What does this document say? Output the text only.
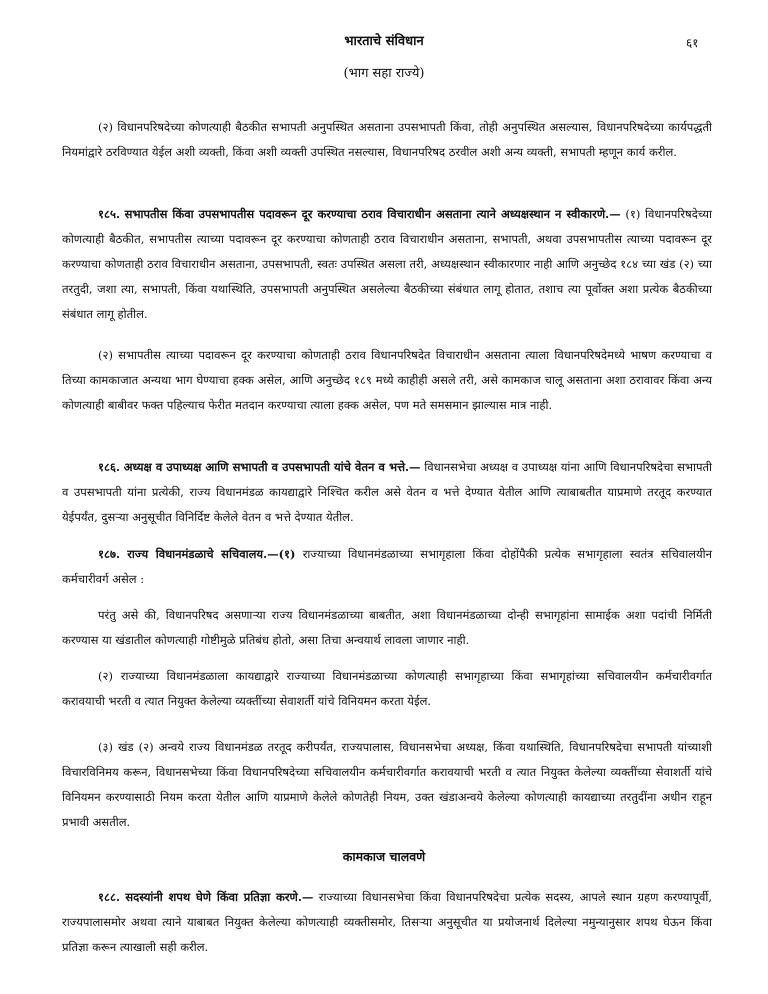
भारताचे संविधान	६१
(भाग सहा राज्ये)
(२) विधानपरिषदेच्या कोणत्याही बैठकीत सभापती अनुपस्थित असताना उपसभापती किंवा, तोही अनुपस्थित असल्यास, विधानपरिषदेच्या कार्यपद्धती नियमांद्वारे ठरविण्यात येईल अशी व्यक्ती, किंवा अशी व्यक्ती उपस्थित नसल्यास, विधानपरिषद ठरवील अशी अन्य व्यक्ती, सभापती म्हणून कार्य करील.
१८५. सभापतीस किंवा उपसभापतीस पदावरून दूर करण्याचा ठराव विचाराधीन असताना त्याने अध्यक्षस्थान न स्वीकारणे.— (१) विधानपरिषदेच्या कोणत्याही बैठकीत, सभापतीस त्याच्या पदावरून दूर करण्याचा कोणताही ठराव विचाराधीन असताना, सभापती, अथवा उपसभापतीस त्याच्या पदावरून दूर करण्याचा कोणताही ठराव विचाराधीन असताना, उपसभापती, स्वतः उपस्थित असला तरी, अध्यक्षस्थान स्वीकारणार नाही आणि अनुच्छेद १८४ च्या खंड (२) च्या तरतुदी, जशा त्या, सभापती, किंवा यथास्थिति, उपसभापती अनुपस्थित असलेल्या बैठकीच्या संबंधात लागू होतात, तशाच त्या पूर्वोक्त अशा प्रत्येक बैठकीच्या संबंधात लागू होतील.
(२) सभापतीस त्याच्या पदावरून दूर करण्याचा कोणताही ठराव विधानपरिषदेत विचाराधीन असताना त्याला विधानपरिषदेमध्ये भाषण करण्याचा व तिच्या कामकाजात अन्यथा भाग घेण्याचा हक्क असेल, आणि अनुच्छेद १८९ मध्ये काहीही असले तरी, असे कामकाज चालू असताना अशा ठरावावर किंवा अन्य कोणत्याही बाबीवर फक्त पहिल्याच फेरीत मतदान करण्याचा त्याला हक्क असेल, पण मते समसमान झाल्यास मात्र नाही.
१८६. अध्यक्ष व उपाध्यक्ष आणि सभापती व उपसभापती यांचे वेतन व भत्ते.— विधानसभेचा अध्यक्ष व उपाध्यक्ष यांना आणि विधानपरिषदेचा सभापती व उपसभापती यांना प्रत्येकी, राज्य विधानमंडळ कायद्याद्वारे निश्चित करील असे वेतन व भत्ते देण्यात येतील आणि त्याबाबतीत याप्रमाणे तरतूद करण्यात येईपर्यंत, दुसऱ्या अनुसूचीत विनिर्दिष्ट केलेले वेतन व भत्ते देण्यात येतील.
१८७. राज्य विधानमंडळाचे सचिवालय.—(१) राज्याच्या विधानमंडळाच्या सभागृहाला किंवा दोहोंपैकी प्रत्येक सभागृहाला स्वतंत्र सचिवालयीन कर्मचारीवर्ग असेल :
परंतु असे की, विधानपरिषद असणाऱ्या राज्य विधानमंडळाच्या बाबतीत, अशा विधानमंडळाच्या दोन्ही सभागृहांना सामाईक अशा पदांची निर्मिती करण्यास या खंडातील कोणत्याही गोष्टीमुळे प्रतिबंध होतो, असा तिचा अन्वयार्थ लावला जाणार नाही.
(२) राज्याच्या विधानमंडळाला कायद्याद्वारे राज्याच्या विधानमंडळाच्या कोणत्याही सभागृहाच्या किंवा सभागृहांच्या सचिवालयीन कर्मचारीवर्गात करावयाची भरती व त्यात नियुक्त केलेल्या व्यक्तींच्या सेवाशर्ती यांचे विनियमन करता येईल.
(३) खंड (२) अन्वये राज्य विधानमंडळ तरतूद करीपर्यंत, राज्यपालास, विधानसभेचा अध्यक्ष, किंवा यथास्थिति, विधानपरिषदेचा सभापती यांच्याशी विचारविनिमय करून, विधानसभेच्या किंवा विधानपरिषदेच्या सचिवालयीन कर्मचारीवर्गात करावयाची भरती व त्यात नियुक्त केलेल्या व्यक्तींच्या सेवाशर्ती यांचे विनियमन करण्यासाठी नियम करता येतील आणि याप्रमाणे केलेले कोणतेही नियम, उक्त खंडाअन्वये केलेल्या कोणत्याही कायद्याच्या तरतुदींना अधीन राहून प्रभावी असतील.
कामकाज चालवणे
१८८. सदस्यांनी शपथ घेणे किंवा प्रतिज्ञा करणे.— राज्याच्या विधानसभेचा किंवा विधानपरिषदेचा प्रत्येक सदस्य, आपले स्थान ग्रहण करण्यापूर्वी, राज्यपालासमोर अथवा त्याने याबाबत नियुक्त केलेल्या कोणत्याही व्यक्तीसमोर, तिसऱ्या अनुसूचीत या प्रयोजनार्थ दिलेल्या नमुन्यानुसार शपथ घेऊन किंवा प्रतिज्ञा करून त्याखाली सही करील.
